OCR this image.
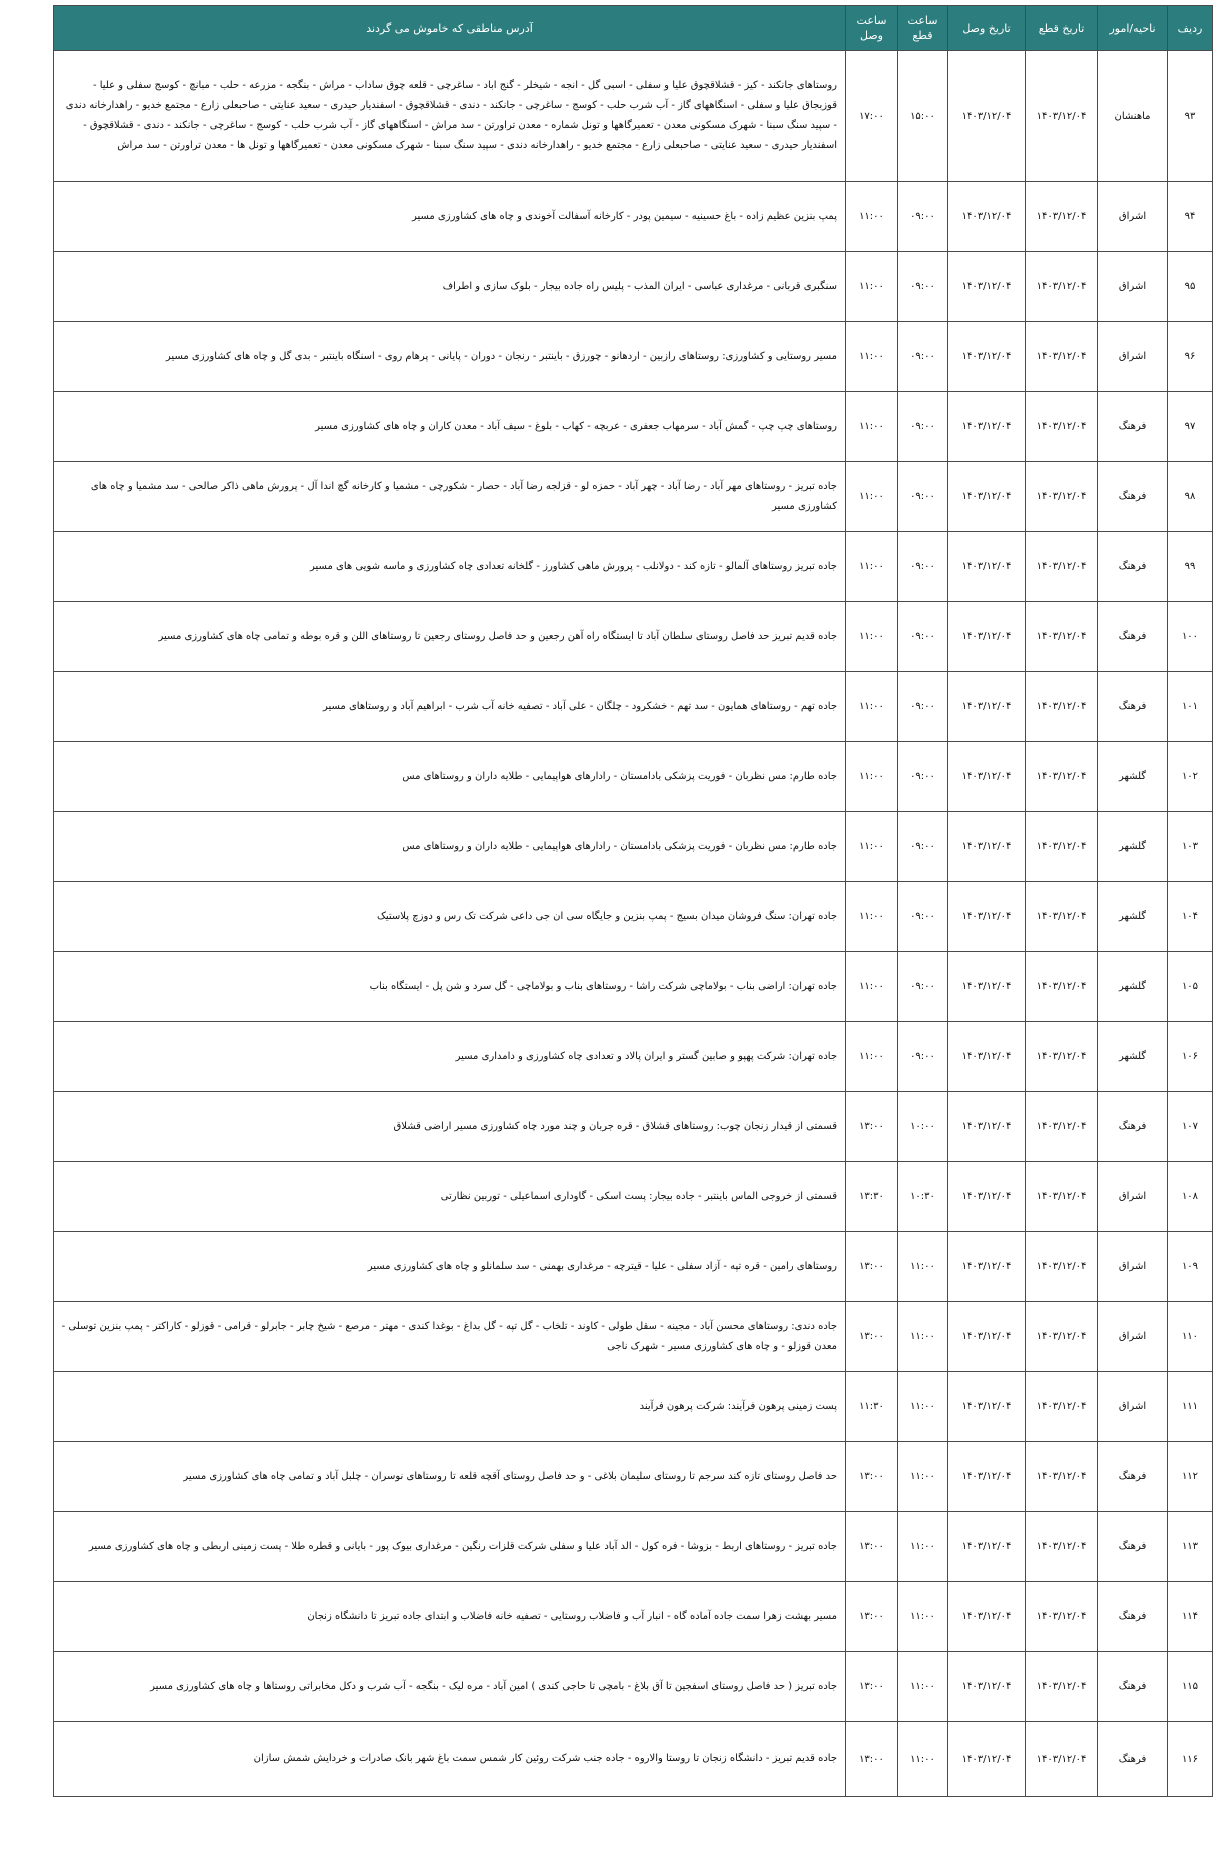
ردیف	ناحیه/امور	تاریخ قطع	تاریخ وصل	ساعت قطع	ساعت وصل	آدرس مناطقی که خاموش می گردند
۹۳	ماهنشان	۱۴۰۳/۱۲/۰۴	۱۴۰۳/۱۲/۰۴	۱۵:۰۰	۱۷:۰۰	روستاهای جانکند - کیز - قشلاقچوق علیا و سفلی - اسبی گل - انجه - شیخلر - گنج اباد - ساغرچی - قلعه چوق ساداب - مراش - بنگجه - مزرعه - حلب - مبانچ - کوسج سفلی و علیا - قوزبجاق علیا و سفلی - اسنگاههای گاز - آب شرب حلب - کوسج - ساغرچی - جانکند - دندی - قشلاقچوق - اسفندیار حیدری - سعید عنایتی - صاحبعلی زارع - مجتمع خدیو - راهدارخانه دندی - سپید سنگ سبنا - شهرک مسکونی معدن - تعمیرگاهها و تونل شماره - معدن تراورتن - سد مراش - اسنگاههای گاز - آب شرب حلب - کوسج - ساغرچی - جانکند - دندی - قشلاقچوق - اسفندیار حیدری - سعید عنایتی - صاحبعلی زارع - مجتمع خدیو - راهدارخانه دندی - سپید سنگ سبنا - شهرک مسکونی معدن - تعمیرگاهها و تونل ها - معدن تراورتن - سد مراش
۹۴	اشراق	۱۴۰۳/۱۲/۰۴	۱۴۰۳/۱۲/۰۴	۰۹:۰۰	۱۱:۰۰	پمپ بنزین عظیم زاده - باغ حسینیه - سیمین پودر - کارخانه آسفالت آخوندی و چاه های کشاورزی مسیر
۹۵	اشراق	۱۴۰۳/۱۲/۰۴	۱۴۰۳/۱۲/۰۴	۰۹:۰۰	۱۱:۰۰	سنگبری قربانی - مرغداری عباسی - ایران المذب - پلیس راه جاده بیجار - بلوک سازی و اطراف
۹۶	اشراق	۱۴۰۳/۱۲/۰۴	۱۴۰۳/۱۲/۰۴	۰۹:۰۰	۱۱:۰۰	مسیر روستایی و کشاورزی: روستاهای رازبین - اردهانو - چورزق - باینتبر - رنجان - دوران - پایانی - پرهام روی - اسنگاه باینتبر - بدی گل و چاه های کشاورزی مسیر
۹۷	فرهنگ	۱۴۰۳/۱۲/۰۴	۱۴۰۳/۱۲/۰۴	۰۹:۰۰	۱۱:۰۰	روستاهای چپ چپ - گمش آباد - سرمهاب جعفری - عربچه - کهاب - بلوغ - سیف آباد - معدن کاران و چاه های کشاورزی مسیر
۹۸	فرهنگ	۱۴۰۳/۱۲/۰۴	۱۴۰۳/۱۲/۰۴	۰۹:۰۰	۱۱:۰۰	جاده تبریز - روستاهای مهر آباد - رضا آباد - چهر آباد - حمزه لو - قزلجه رضا آباد - حصار - شکورچی - مشمیا و کارخانه گچ اندا آل - پرورش ماهی ذاکر صالحی - سد مشمیا و چاه های کشاورزی مسیر
۹۹	فرهنگ	۱۴۰۳/۱۲/۰۴	۱۴۰۳/۱۲/۰۴	۰۹:۰۰	۱۱:۰۰	جاده تبریز روستاهای آلمالو - تازه کند - دولانلب - پرورش ماهی کشاورز - گلخانه تعدادی چاه کشاورزی و ماسه شویی های مسیر
۱۰۰	فرهنگ	۱۴۰۳/۱۲/۰۴	۱۴۰۳/۱۲/۰۴	۰۹:۰۰	۱۱:۰۰	جاده قدیم تبریز حد فاصل روستای سلطان آباد تا ایستگاه راه آهن رجعین و حد فاصل روستای رجعین تا روستاهای اللن و قره بوطه و تمامی چاه های کشاورزی مسیر
۱۰۱	فرهنگ	۱۴۰۳/۱۲/۰۴	۱۴۰۳/۱۲/۰۴	۰۹:۰۰	۱۱:۰۰	جاده تهم - روستاهای همایون - سد تهم - خشکرود - چلگان - علی آباد - تصفیه خانه آب شرب - ابراهیم آباد و روستاهای مسیر
۱۰۲	گلشهر	۱۴۰۳/۱۲/۰۴	۱۴۰۳/۱۲/۰۴	۰۹:۰۰	۱۱:۰۰	جاده طارم: مس نظربان - فوریت پزشکی بادامستان - رادارهای هواپیمایی - طلایه داران و روستاهای مس
۱۰۳	گلشهر	۱۴۰۳/۱۲/۰۴	۱۴۰۳/۱۲/۰۴	۰۹:۰۰	۱۱:۰۰	جاده طارم: مس نظربان - فوریت پزشکی بادامستان - رادارهای هواپیمایی - طلایه داران و روستاهای مس
۱۰۴	گلشهر	۱۴۰۳/۱۲/۰۴	۱۴۰۳/۱۲/۰۴	۰۹:۰۰	۱۱:۰۰	جاده تهران: سنگ فروشان میدان بسیج - پمپ بنزین و جایگاه سی ان جی داعی شرکت تک رس و دوزچ پلاستیک
۱۰۵	گلشهر	۱۴۰۳/۱۲/۰۴	۱۴۰۳/۱۲/۰۴	۰۹:۰۰	۱۱:۰۰	جاده تهران: اراضی بناب - بولاماچی شرکت راشا - روستاهای بناب و بولاماچی - گل سرد و شن پل - ایستگاه بناب
۱۰۶	گلشهر	۱۴۰۳/۱۲/۰۴	۱۴۰۳/۱۲/۰۴	۰۹:۰۰	۱۱:۰۰	جاده تهران: شرکت پهپو و صابین گستر و ایران پالاد و تعدادی چاه کشاورزی و دامداری مسیر
۱۰۷	فرهنگ	۱۴۰۳/۱۲/۰۴	۱۴۰۳/۱۲/۰۴	۱۰:۰۰	۱۳:۰۰	قسمتی از قیدار زنجان چوب: روستاهای قشلاق - قره جربان و چند مورد چاه کشاورزی مسیر اراضی قشلاق
۱۰۸	اشراق	۱۴۰۳/۱۲/۰۴	۱۴۰۳/۱۲/۰۴	۱۰:۳۰	۱۳:۳۰	قسمتی از خروجی الماس باینتبر - جاده بیجار: پست اسکی - گاوداری اسماعیلی - توربین نظارتی
۱۰۹	اشراق	۱۴۰۳/۱۲/۰۴	۱۴۰۳/۱۲/۰۴	۱۱:۰۰	۱۳:۰۰	روستاهای رامین - قره تپه - آزاد سفلی - علیا - قیترچه - مرغداری بهمنی - سد سلمانلو و چاه های کشاورزی مسیر
۱۱۰	اشراق	۱۴۰۳/۱۲/۰۴	۱۴۰۳/۱۲/۰۴	۱۱:۰۰	۱۳:۰۰	جاده دندی: روستاهای محسن آباد - مجینه - سقل طولی - کاوند - تلخاب - گل تپه - گل بداغ - بوغدا کندی - مهتر - مرصع - شیخ چابر - جابرلو - قرامی - قوزلو - کاراکتر - پمپ بنزین توسلی - معدن قوزلو - و چاه های کشاورزی مسیر - شهرک ناجی
۱۱۱	اشراق	۱۴۰۳/۱۲/۰۴	۱۴۰۳/۱۲/۰۴	۱۱:۰۰	۱۱:۳۰	پست زمینی پرهون فرآیند: شرکت پرهون فرآیند
۱۱۲	فرهنگ	۱۴۰۳/۱۲/۰۴	۱۴۰۳/۱۲/۰۴	۱۱:۰۰	۱۳:۰۰	حد فاصل روستای تازه کند سرجم تا روستای سلیمان بلاغی - و حد فاصل روستای آقچه قلعه تا روستاهای نوسران - چلبل آباد و تمامی چاه های کشاورزی مسیر
۱۱۳	فرهنگ	۱۴۰۳/۱۲/۰۴	۱۴۰۳/۱۲/۰۴	۱۱:۰۰	۱۳:۰۰	جاده تبریز - روستاهای اربط - بزوشا - فره کول - الد آباد علیا و سفلی شرکت قلزات رنگین - مرغداری بیوک پور - بایانی و قطره طلا - پست زمینی اربطی و چاه های کشاورزی مسیر
۱۱۴	فرهنگ	۱۴۰۳/۱۲/۰۴	۱۴۰۳/۱۲/۰۴	۱۱:۰۰	۱۳:۰۰	مسیر بهشت زهرا سمت جاده آماده گاه - انبار آب و فاضلاب روستایی - تصفیه خانه فاضلاب و ابتدای جاده تبریز تا دانشگاه زنجان
۱۱۵	فرهنگ	۱۴۰۳/۱۲/۰۴	۱۴۰۳/۱۲/۰۴	۱۱:۰۰	۱۳:۰۰	جاده تبریز ( حد فاصل روستای اسفجین تا آق بلاغ - بامچی تا حاجی کندی ) امین آباد - مره لیک - بنگجه - آب شرب و دکل مخابراتی روستاها و چاه های کشاورزی مسیر
۱۱۶	فرهنگ	۱۴۰۳/۱۲/۰۴	۱۴۰۳/۱۲/۰۴	۱۱:۰۰	۱۳:۰۰	جاده قدیم تبریز - دانشگاه زنجان تا روستا والاروه - جاده جنب شرکت روئین کار شمس سمت باغ شهر بانک صادرات و خردایش شمش سازان
